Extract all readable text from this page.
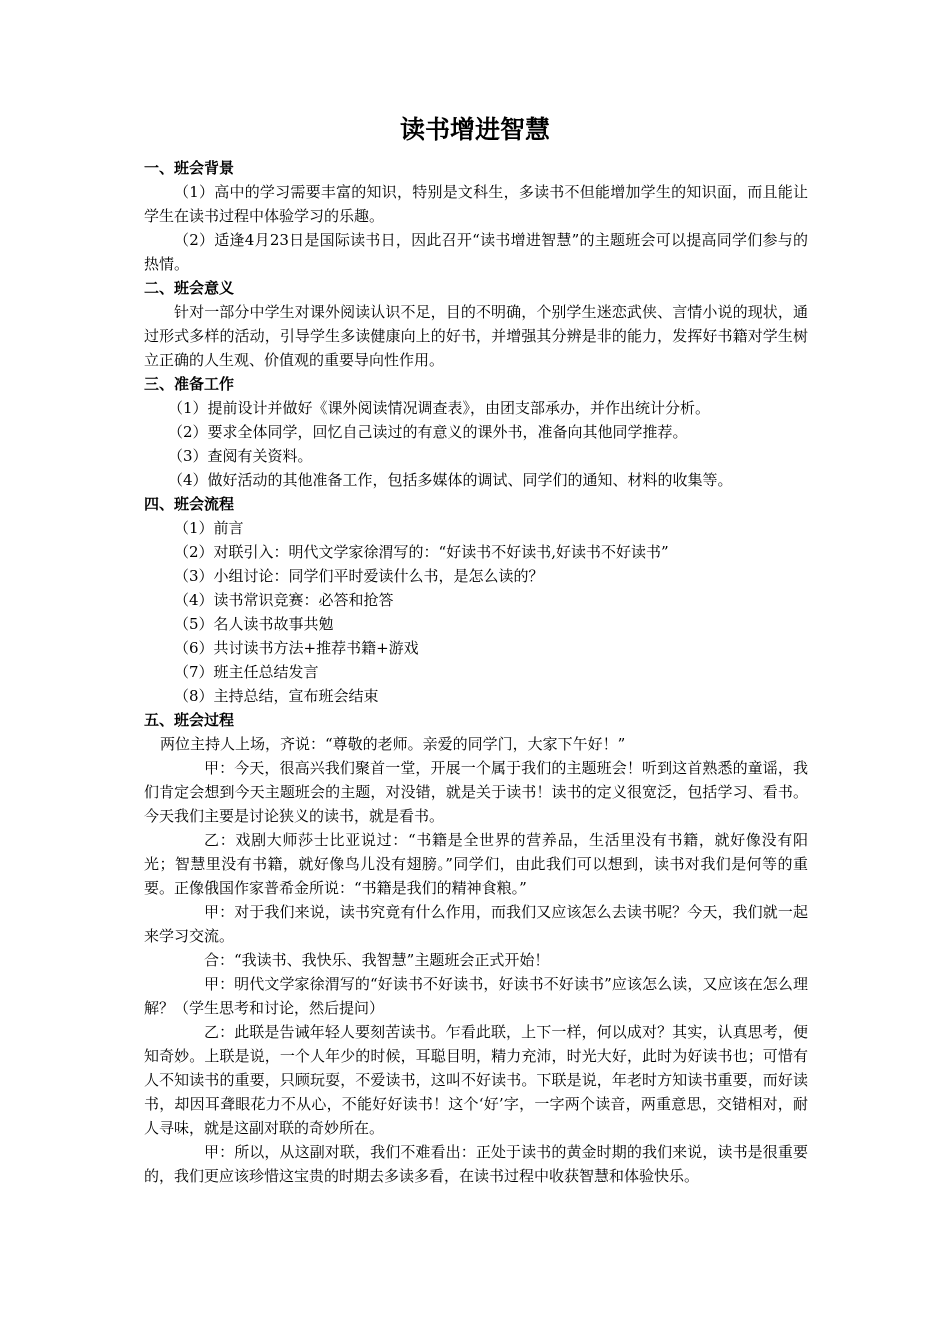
读书增进智慧
一、班会背景

（1）高中的学习需要丰富的知识，特别是文科生，多读书不但能增加学生的知识面，而且能让学生在读书过程中体验学习的乐趣。

（2）适逢4月23日是国际读书日，因此召开“读书增进智慧”的主题班会可以提高同学们参与的热情。

二、班会意义

针对一部分中学生对课外阅读认识不足，目的不明确，个别学生迷恋武侠、言情小说的现状，通过形式多样的活动，引导学生多读健康向上的好书，并增强其分辨是非的能力，发挥好书籍对学生树立正确的人生观、价值观的重要导向性作用。

三、准备工作
（1）提前设计并做好《课外阅读情况调查表》，由团支部承办，并作出统计分析。
（2）要求全体同学，回忆自己读过的有意义的课外书，准备向其他同学推荐。
（3）查阅有关资料。
（4）做好活动的其他准备工作，包括多媒体的调试、同学们的通知、材料的收集等。
四、班会流程
（1）前言
（2）对联引入：明代文学家徐渭写的：“好读书不好读书,好读书不好读书”
（3）小组讨论：同学们平时爱读什么书，是怎么读的？
（4）读书常识竞赛：必答和抢答
（5）名人读书故事共勉
（6）共讨读书方法+推荐书籍+游戏
（7）班主任总结发言
（8）主持总结，宣布班会结束
五、班会过程

两位主持人上场，齐说：“尊敬的老师。亲爱的同学门，大家下午好！”

甲：今天，很高兴我们聚首一堂，开展一个属于我们的主题班会！听到这首熟悉的童谣，我们肯定会想到今天主题班会的主题，对没错，就是关于读书！读书的定义很宽泛，包括学习、看书。今天我们主要是讨论狭义的读书，就是看书。

乙：戏剧大师莎士比亚说过：“书籍是全世界的营养品，生活里没有书籍，就好像没有阳光；智慧里没有书籍，就好像鸟儿没有翅膀。”同学们，由此我们可以想到，读书对我们是何等的重要。正像俄国作家普希金所说：“书籍是我们的精神食粮。”

甲：对于我们来说，读书究竟有什么作用，而我们又应该怎么去读书呢？今天，我们就一起来学习交流。

合：“我读书、我快乐、我智慧”主题班会正式开始！

甲：明代文学家徐渭写的“好读书不好读书，好读书不好读书”应该怎么读，又应该在怎么理解？（学生思考和讨论，然后提问）

乙：此联是告诫年轻人要刻苦读书。乍看此联，上下一样，何以成对？其实，认真思考，便知奇妙。上联是说，一个人年少的时候，耳聪目明，精力充沛，时光大好，此时为好读书也；可惜有人不知读书的重要，只顾玩耍，不爱读书，这叫不好读书。下联是说，年老时方知读书重要，而好读书，却因耳聋眼花力不从心，不能好好读书！这个‘好’字，一字两个读音，两重意思，交错相对，耐人寻味，就是这副对联的奇妙所在。

甲：所以，从这副对联，我们不难看出：正处于读书的黄金时期的我们来说，读书是很重要的，我们更应该珍惜这宝贵的时期去多读多看，在读书过程中收获智慧和体验快乐。
